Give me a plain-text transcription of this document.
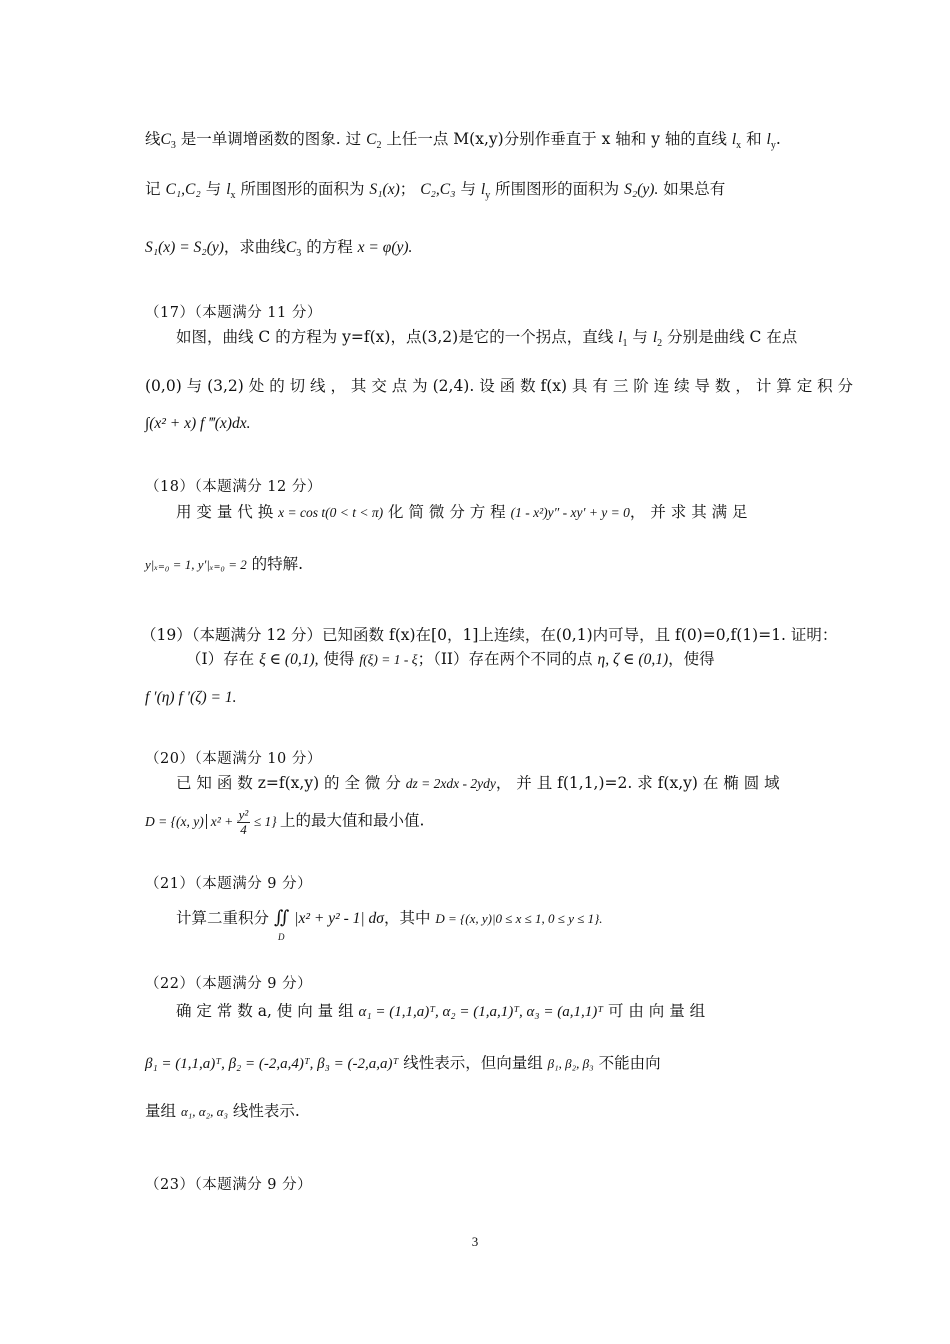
线$C_3$ 是一单调增函数的图象. 过 $C_2$ 上任一点 M(x,y)分别作垂直于 x 轴和 y 轴的直线 $l_x$ 和 $l_y$.
记 C₁,C₂ 与 $l_x$ 所围图形的面积为 S₁(x)； C₂,C₃ 与 $l_y$ 所围图形的面积为 S₂(y). 如果总有
S₁(x) = S₂(y)，求曲线$C_3$ 的方程 x = φ(y).
（17）（本题满分 11 分）
如图，曲线 C 的方程为 y=f(x)，点(3,2)是它的一个拐点，直线 $l_1$ 与 $l_2$ 分别是曲线 C 在点
(0,0) 与 (3,2) 处 的 切 线 ， 其 交 点 为 (2,4). 设 函 数 f(x) 具 有 三 阶 连 续 导 数 ， 计 算 定 积 分
∫(x² + x) f ‴(x)dx.
（18）（本题满分 12 分）
用 变 量 代 换 x = cos t(0 < t < π) 化 简 微 分 方 程 (1 - x²)y″ - xy′ + y = 0， 并 求 其 满 足
y|ₓ₌₀ = 1, y′|ₓ₌₀ = 2 的特解.
（19）（本题满分 12 分）已知函数 f(x)在[0，1]上连续，在(0,1)内可导，且 f(0)=0,f(1)=1. 证明：
（I）存在 ξ ∈ (0,1), 使得 f(ξ) = 1 - ξ；（II）存在两个不同的点 η, ζ ∈ (0,1)，使得
f ′(η) f ′(ζ) = 1.
（20）（本题满分 10 分）
已 知 函 数 z=f(x,y) 的 全 微 分 dz = 2xdx - 2ydy， 并 且 f(1,1,)=2. 求 f(x,y) 在 椭 圆 域
D = {(x, y) $x^2 + \frac{\text{y²}}{4} \le 1$} 上的最大值和最小值.
（21）（本题满分 9 分）
计算二重积分 ∬
D
|x² + y² - 1| dσ，其中 D = {(x, y)|0 ≤ x ≤ 1, 0 ≤ y ≤ 1}.
（22）（本题满分 9 分）
确 定 常 数 a, 使 向 量 组 α₁ = (1,1,a)ᵀ, α₂ = (1,a,1)ᵀ, α₃ = (a,1,1)ᵀ 可 由 向 量 组
β₁ = (1,1,a)ᵀ, β₂ = (-2,a,4)ᵀ, β₃ = (-2,a,a)ᵀ 线性表示，但向量组 β₁, β₂, β₃ 不能由向
量组 α₁, α₂, α₃ 线性表示.
（23）（本题满分 9 分）
3
